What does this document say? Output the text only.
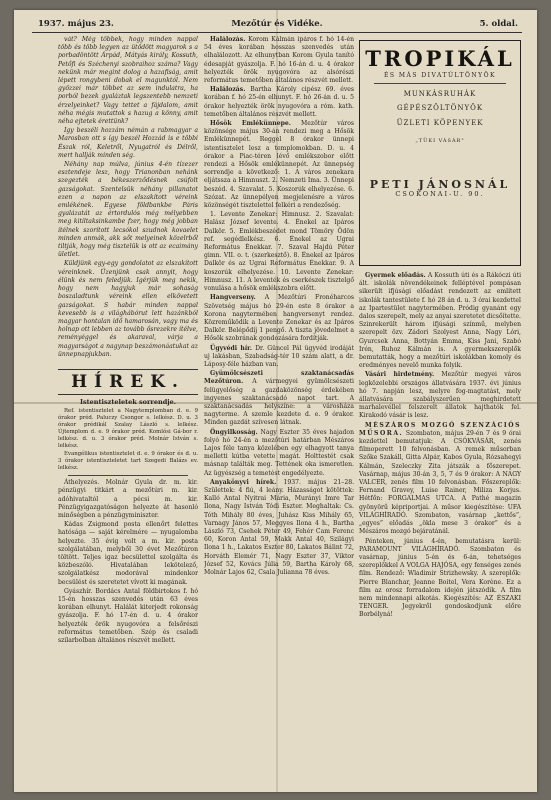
1937. május 23.	Mezőtúr és Vidéke.	5. oldal.

vát? Még többek, hogy minden nappal több és több legyen az ütődött magyarok s a porbadöntött Árpád, Mátyás király, Kossuth, Petőfi és Széchenyi szobraihoz száma? Vagy nekünk már megint dolog a hazafiság, amit lépett rongybeni dobak el magunktól. Nem gyözzei már többet az sem indulatra, ha porból bezek gyaláztak legszentebb nemzeti érzelyeinket? Vagy tettet a fájdalom, amit néha mégis mutattok s hazug a könny, amit néha ejtetek érettünk?

Igy beszéli hozzám némán a rabmagyar a Marosban ott s így beszél Hozzád is e többi Észak ról, Keletről, Nyugatról és Délről, mert hallják minden ség.

Néhány nap múlva, június 4-én tízezer esztendeje lesz, hogy Trianonban nehánk szegezték a békeszerződésnek csúfolt gazságokat. Szentelsük néhány pillanatot ezen a napon az elszakított véreink emlékének. Egyese földbankbe Páris gyalázatát az értordulós még mélyebben meg kitiltaksinkambe fzer, hogy még jobban ítélnek szorított lecsókol szudnok kovaelet minden anmák, akk sőt melyeinek közelrből tiltják, hogy még tisztelük is ott az ecaimány ületlet.

Küldjünk egy-egy gondolatot az elszakított véreinknek. Üzenjünk csak annyit, hogy élünk és nem feledjük. Igérjük meg nekik, hogy nem hagyjuk már sohaság boszaladtunk véreink ellen elkövetett gazságokat. S habár minden nappal kevesebb is a világhábórut lett hazánkból magyar hontalan idő hamarosán, vagy ma és holnap ott lebben az tovább ősrezekre ítélve, reményéggel és akaraval, várja a magyarságot a nagynap beszámonáatukat az ünnepnapjukban.

HÍREK.
Istentiszteletek sorrendje.

Ref. istentisztelet a Nagytemplomban d. e. 9 órakor préd. Paluczy Csongor s. lelkész. D. u. 3 órakor prédikál Szalay László s. lelkész. Újtemplom d. e. 9 órakor préd. Komlósi Gá-bor r. lelkész. d. u. 3 órakor préd. Molnár István s. lelkész.

Evangélikus istentisztelet d. e. 9 órakor és d. u. 3 órakor istentiszteletet tart Szegedi Balázs ev. lelkész.

Áthelyezés. Molnár Gyula dr. m. kir. pénzügyi titkárt a mezőtúri m. kir. adóhivataltól a pécsi m. kir. Pénzügyigazgatóságon helyezte át hasonló minőségben a pénzügyminiszter.

Kádas Zsigmond posta ellenőrt felettes hatósága — saját kérelmére — nyugalomba helyezte. 35 évig volt a m. kir. posta szolgálatában, melyből 30 évet Mezőtúron töltött. Teljes igaz becsülettel szolgálta és közbeszóló. Hivatalában lekötelező, szolgálatkész modorával mindenkor becsülést és szeretetet vívott ki magának.

Gyászhír. Bordács Antal földbirtokos f. hó 15-én hosszas szenvedés után 63 éves korában elhunyt. Halálát kiterjedt rokonság gyászolja. F. hó 17-én d. u. 4 órakor helyezték örök nyugovóra a felsőrészi református temetőben. Szép és csaladi szilarbolban általános részvét mellett.

Halálozás. Korom Kálmán ipáros f. hó 14-én 54 éves korában hosszas szenvedés után elhalálozott. Az elhunytban Korom Gyula tanító édesapját gyászolja. F. hó 16-án d. u. 4 órakor helyezték örök nyugovóra az alsórészi református temetőben általános részvét mellett.

Halálozás. Bartha Károly cipész 69. éves korában f. hó 25-én elhunyt. F. hó 26-án d. u. 5 órakor helyezték örök nyugovóra a róm. kath. temetőben általános részvét mellett.

Hősök Emlékünnepe. Mezőtúr város közönsége május 30-án rendezi meg a Hősök Emlékünnepét. Reggel 8 órakor ünnepi istentisztelet lesz a templomokban. D. u. 4 órakor a Piac-téren lévő emlékszobor előtt rendezi a Hősök emlékünnepét. Az ünnepség sorrendje a következő: 1. A város zenekara eljátssza a Himnuszt. 2. Nemzeti Ima. 3. Ünnepi beszéd. 4. Szavalat. 5. Koszorúk elhelyezése. 6. Szózat. Az ünnepélyen megjelenésre a város közönségét tisztelettel felkéri a rendezőség.

1. Levente Zenekar: Himnusz. 2. Szavalat: Halász József levente. 4. Énekel az Ipáros Dalkör. 5. Emlékbeszédet mond Tömöry Ödön ref. segédlelkész. 6. Énekel az Ugrai Református Énekkar. 7. Szaval Hajdú Péter gimn. VII. o. t. (szerkesztő). 8. Énekel az Ipáros Dalkör és az Ugrai Református Énekkar. 9. A koszorúk elhelyezése. 10. Levente Zenekar: Himnusz. 11. A leventék és cserkészek tisztelgő vonulása a hősök emlékszobra előtt.

Hangverseny. A Mezőtúri Fronéharcos Szövetség május hó 29-én este 8 órakor a Korona nagytermében hangversenyt rendez. Közreműködik a Levente Zenekar és az Ipáros Dalkör. Belépődíj 1 pengő. A tiszta jövedelmet a Hősök szobrának gondozására fordítják.

Ügyvédi hír. Dr. Güncel Pál ügyvéd irodáját uj lakásban, Szabadság-tér 10 szám alatt, a dr. Láposy-féle házban van.

Gyümölcsészeti szaktanácsadás Mezőtúron. A vármegyei gyümölcsészeti felügyelőség a gazdaközönség érdekében ingyenes szaktanácsadó napot tart. A szaktanácsadás helyszíne: a városháza nagyterme. A szemle kezdete d. e. 9 órakor. Minden gazdát szívesen látnak.

Öngyilkosság. Nagy Eszter 35 éves hajadon folyó hó 24-én a mezőtúri határban Mészáros Lajos féle tanya közelében egy elhagyott tanya melletti kútba vetette magát. Holttestét csak másnap találták meg. Tettének oka ismeretlen. Az ügyészség a temetést engedélyezte.

Anyakönyvi hírek. 1937. május 21–28. Születtek: 4 fiú, 4 leány. Házasságot kötöttek: Kalló Antal Nyitrai Mária, Murányi Imre Tar Ilona, Nagy István Tódi Eszter. Meghaltak: Cs. Tóth Mihály 80 éves, Juhász Kiss Mihály 65, Varnagy János 57, Meggyes Ilona 4 h., Bartha László 73, Csehek Péter 49, Fehér Cam Ferenc 60, Koron Antal 59, Makk Antal 40, Szilágyi Ilona 1 h., Lakatos Eszter 80, Lakatos Bálint 72, Horváth Elemér 71, Nagy Eszter 37, Viktor József 52, Kovács Júlia 59, Bartha Károly 68, Molnár Lajos 62, Csala Julianna 78 éves.

TROPIKÁL
ÉS MÁS DIVATÚLTÖNYÖK
MUNKÁSRUHÁK
GÉPÉSZÖLTÖNYÖK
ÜZLETI KÖPENYEK
„TÜKI VÁSÁR"
PETI JÁNOSNÁL
CSOKONAI-U. 90.

Gyermek előadás. A Kossuth úti és a Rákóczi úti ált. iskolák növendékeinek felléptével pompásan sikerült ifjúsági előadást rendezett az említett iskolák tantestülete f. hó 28 án d. u. 3 órai kezdettel az Ipartestület nagytermében. Pródig gyanánt egy dalos szerepelt, mely az anyai szeretetet dicsőítette. Szinrekerült három ifjúsági színmű, melyben szerepelt özv. Zádori Szolyest Anna, Nagy Lóri, Gyurcsek Anna, Bottyán Emma, Kiss Jani, Szabó Irén, Ruhoz Kálmán is. A gyermekszereplők bemutatták, hogy a mezőtúri iskolákban komoly és eredményes nevelő munka folyik.

Vásári hirdetmény. Mezőtúr megyei város legközelebbi országos állatvására 1937. évi június hó 7. napján lesz, melyre fog-magtatást, mely állatvására szabályszerűen meghirdetett marhalevéllel felszerelt állatok hajthatók fel. Kirakodó vásár is lesz.

MÉSZÁROS MOZGÓ SZENZÁCIÓS MŰSORA. Szombaton, május 29-én 7 és 9 órai kezdettel bemutatjuk: A CSÓKVÁSÁR, zenés filmoperett 10 felvonásban. A remek műsorban Szőke Szakáll, Gitta Alpár, Kabos Gyula, Rózsahegyi Kálmán, Szeleczky Zita játszák a főszerepet. Vasárnap, május 30-án 3, 5, 7 és 9 órakor: A NAGY VALCER, zenés film 10 felvonásban. Főszereplők: Fernand Gravey, Luise Rainer, Miliza Korjus. Hétfőn: FORGALMAS UTCA. A Pathé magazin gyönyörű képriportjai. A műsor kiegészítése: UFA VILÁGHÍRADÓ. Szombaton, vasárnap „kettős”, „egyes” előadás „ökla mese 3 órakor” és a Mészáros mozgó bejáratánál.

Pénteken, június 4-én, bemutatásra kerül: PARAMOUNT VILÁGHÍRADÓ. Szombaton és vasárnap, június 5-én és 6-án, tehetséges szereplőkkel A VOLGA HAJÓSA, egy fenséges zenés film. Rendező: Wladimir Strizhewsky. A szereplők: Pierre Blanchar, Jeanne Boitel, Vera Korène. Ez a film az orosz forradalom idején játszódik. A film nem mindennapi alkotás. Kiegészítés: AZ ÉSZAKI TENGER. Jegyekről gondoskodjunk előre Borbélyná!
